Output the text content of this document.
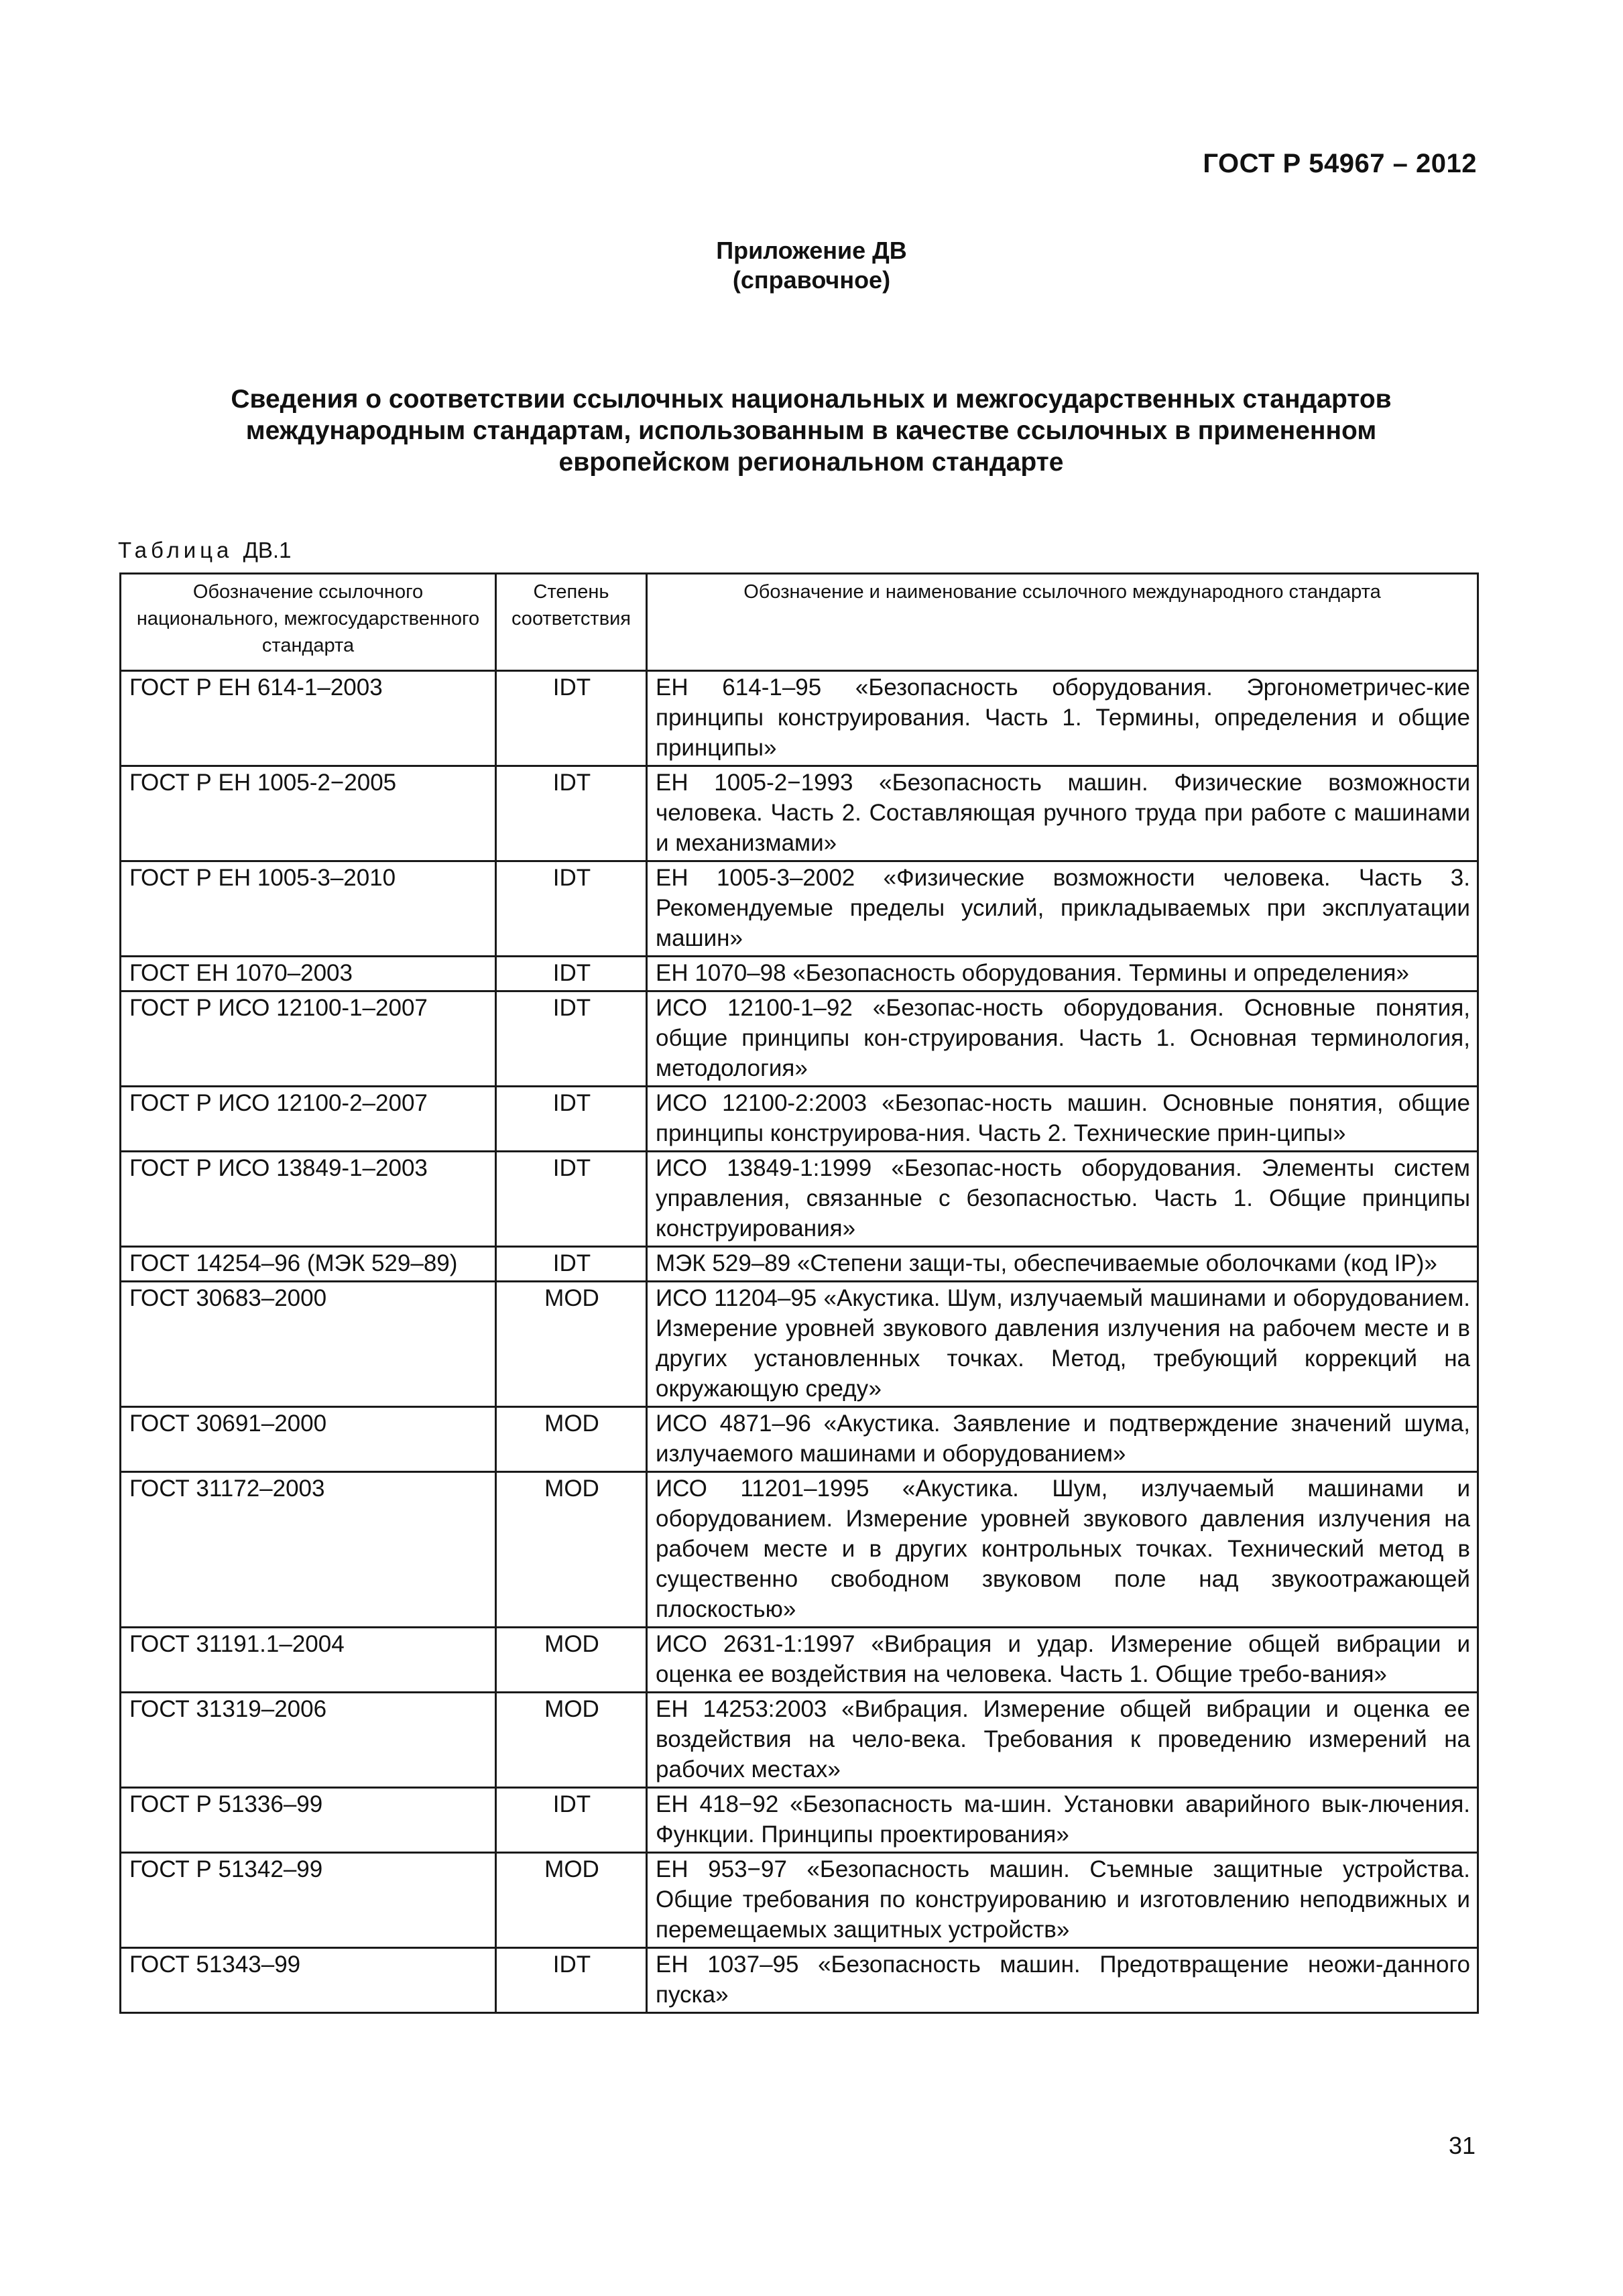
ГОСТ Р 54967 – 2012
Приложение ДВ
(справочное)
Сведения о соответствии ссылочных национальных и межгосударственных стандартов
международным стандартам, использованным в качестве ссылочных в примененном
европейском региональном стандарте
Таблица ДВ.1
Обозначение ссылочного национального, межгосударственного стандарта	Степень соответствия	Обозначение и наименование ссылочного международного стандарта
ГОСТ Р ЕН 614-1–2003	IDT	ЕН 614-1–95 «Безопасность оборудования. Эргонометричес-кие принципы конструирования. Часть 1. Термины, определения и общие принципы»
ГОСТ Р ЕН 1005-2−2005	IDT	ЕН 1005-2−1993 «Безопасность машин. Физические возможности человека. Часть 2. Составляющая ручного труда при работе с машинами и механизмами»
ГОСТ Р ЕН 1005-3–2010	IDT	ЕН 1005-3–2002 «Физические возможности человека. Часть 3. Рекомендуемые пределы усилий, прикладываемых при эксплуатации машин»
ГОСТ ЕН 1070–2003	IDT	ЕН 1070–98 «Безопасность оборудования. Термины и определения»
ГОСТ Р ИСО 12100-1–2007	IDT	ИСО 12100-1–92 «Безопас-ность оборудования. Основные понятия, общие принципы кон-струирования. Часть 1. Основная терминология, методология»
ГОСТ Р ИСО 12100-2–2007	IDT	ИСО 12100-2:2003 «Безопас-ность машин. Основные понятия, общие принципы конструирова-ния. Часть 2. Технические прин-ципы»
ГОСТ Р ИСО 13849-1–2003	IDT	ИСО 13849-1:1999 «Безопас-ность оборудования. Элементы систем управления, связанные с безопасностью. Часть 1. Общие принципы конструирования»
ГОСТ 14254–96 (МЭК 529–89)	IDT	МЭК 529–89 «Степени защи-ты, обеспечиваемые оболочками (код IP)»
ГОСТ 30683–2000	MOD	ИСО 11204–95 «Акустика. Шум, излучаемый машинами и оборудованием. Измерение уровней звукового давления излучения на рабочем месте и в других установленных точках. Метод, требующий коррекций на окружающую среду»
ГОСТ 30691–2000	MOD	ИСО 4871–96 «Акустика. Заявление и подтверждение значений шума, излучаемого машинами и оборудованием»
ГОСТ 31172–2003	MOD	ИСО 11201–1995 «Акустика. Шум, излучаемый машинами и оборудованием. Измерение уровней звукового давления излучения на рабочем месте и в других контрольных точках. Технический метод в существенно свободном звуковом поле над звукоотражающей плоскостью»
ГОСТ 31191.1–2004	MOD	ИСО 2631-1:1997 «Вибрация и удар. Измерение общей вибрации и оценка ее воздействия на человека. Часть 1. Общие требо-вания»
ГОСТ 31319–2006	MOD	ЕН 14253:2003 «Вибрация. Измерение общей вибрации и оценка ее воздействия на чело-века. Требования к проведению измерений на рабочих местах»
ГОСТ Р 51336–99	IDT	ЕН 418−92 «Безопасность ма-шин. Установки аварийного вык-лючения. Функции. Принципы проектирования»
ГОСТ Р 51342–99	MOD	ЕН 953−97 «Безопасность машин. Съемные защитные устройства. Общие требования по конструированию и изготовлению неподвижных и перемещаемых защитных устройств»
ГОСТ 51343–99	IDT	ЕН 1037–95 «Безопасность машин. Предотвращение неожи-данного пуска»
31
